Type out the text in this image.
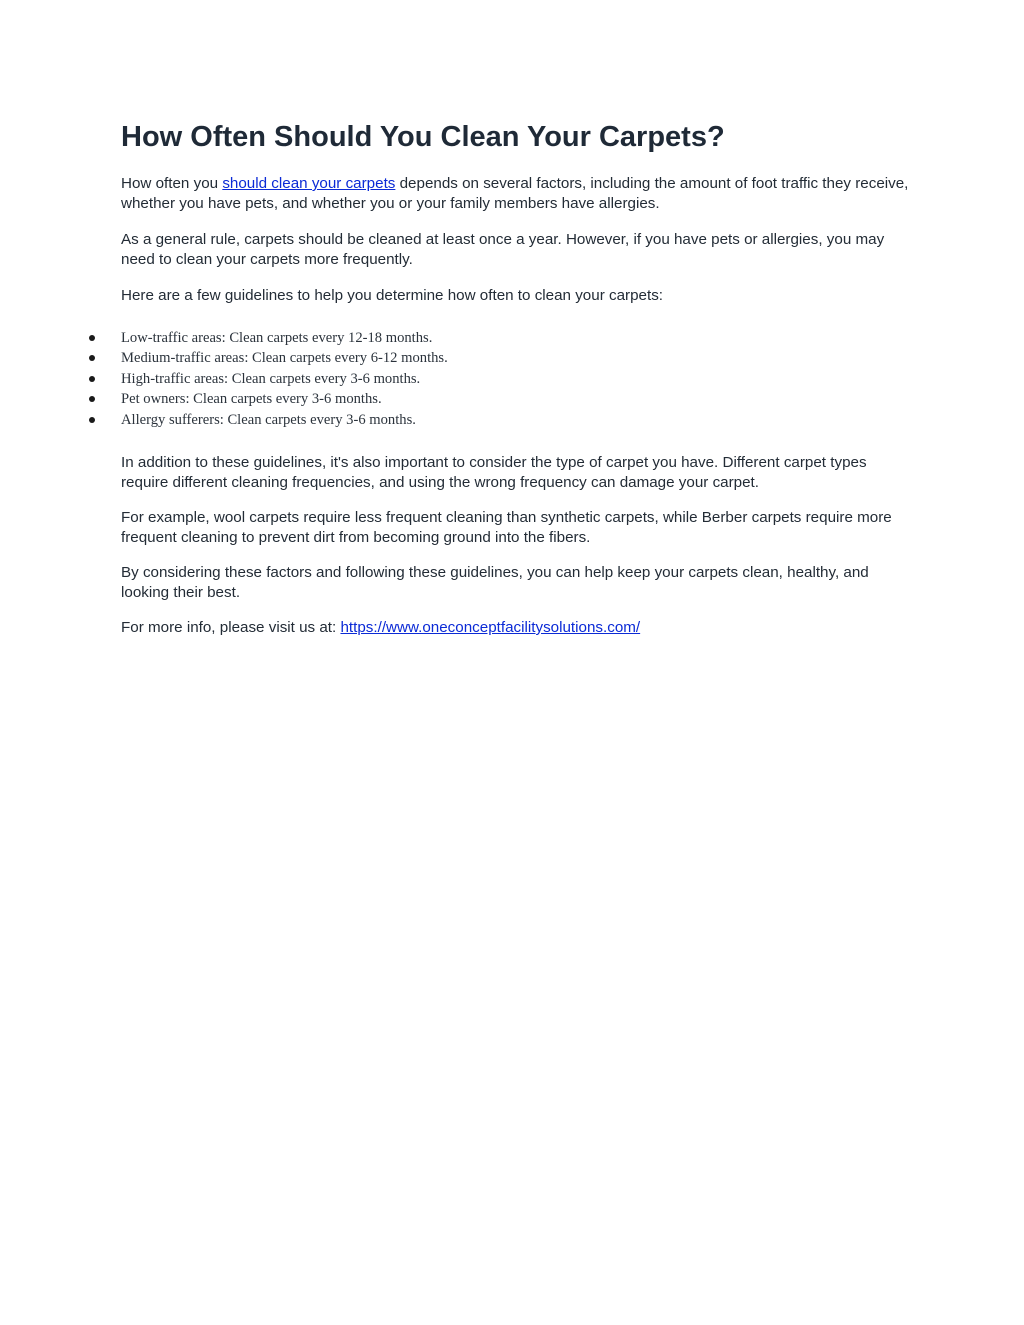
How Often Should You Clean Your Carpets?

How often you should clean your carpets depends on several factors, including the amount of foot traffic they receive, whether you have pets, and whether you or your family members have allergies.

As a general rule, carpets should be cleaned at least once a year. However, if you have pets or allergies, you may need to clean your carpets more frequently.

Here are a few guidelines to help you determine how often to clean your carpets:

Low-traffic areas: Clean carpets every 12-18 months.
Medium-traffic areas: Clean carpets every 6-12 months.
High-traffic areas: Clean carpets every 3-6 months.
Pet owners: Clean carpets every 3-6 months.
Allergy sufferers: Clean carpets every 3-6 months.

In addition to these guidelines, it's also important to consider the type of carpet you have. Different carpet types require different cleaning frequencies, and using the wrong frequency can damage your carpet.

For example, wool carpets require less frequent cleaning than synthetic carpets, while Berber carpets require more frequent cleaning to prevent dirt from becoming ground into the fibers.

By considering these factors and following these guidelines, you can help keep your carpets clean, healthy, and looking their best.

For more info, please visit us at: https://www.oneconceptfacilitysolutions.com/
